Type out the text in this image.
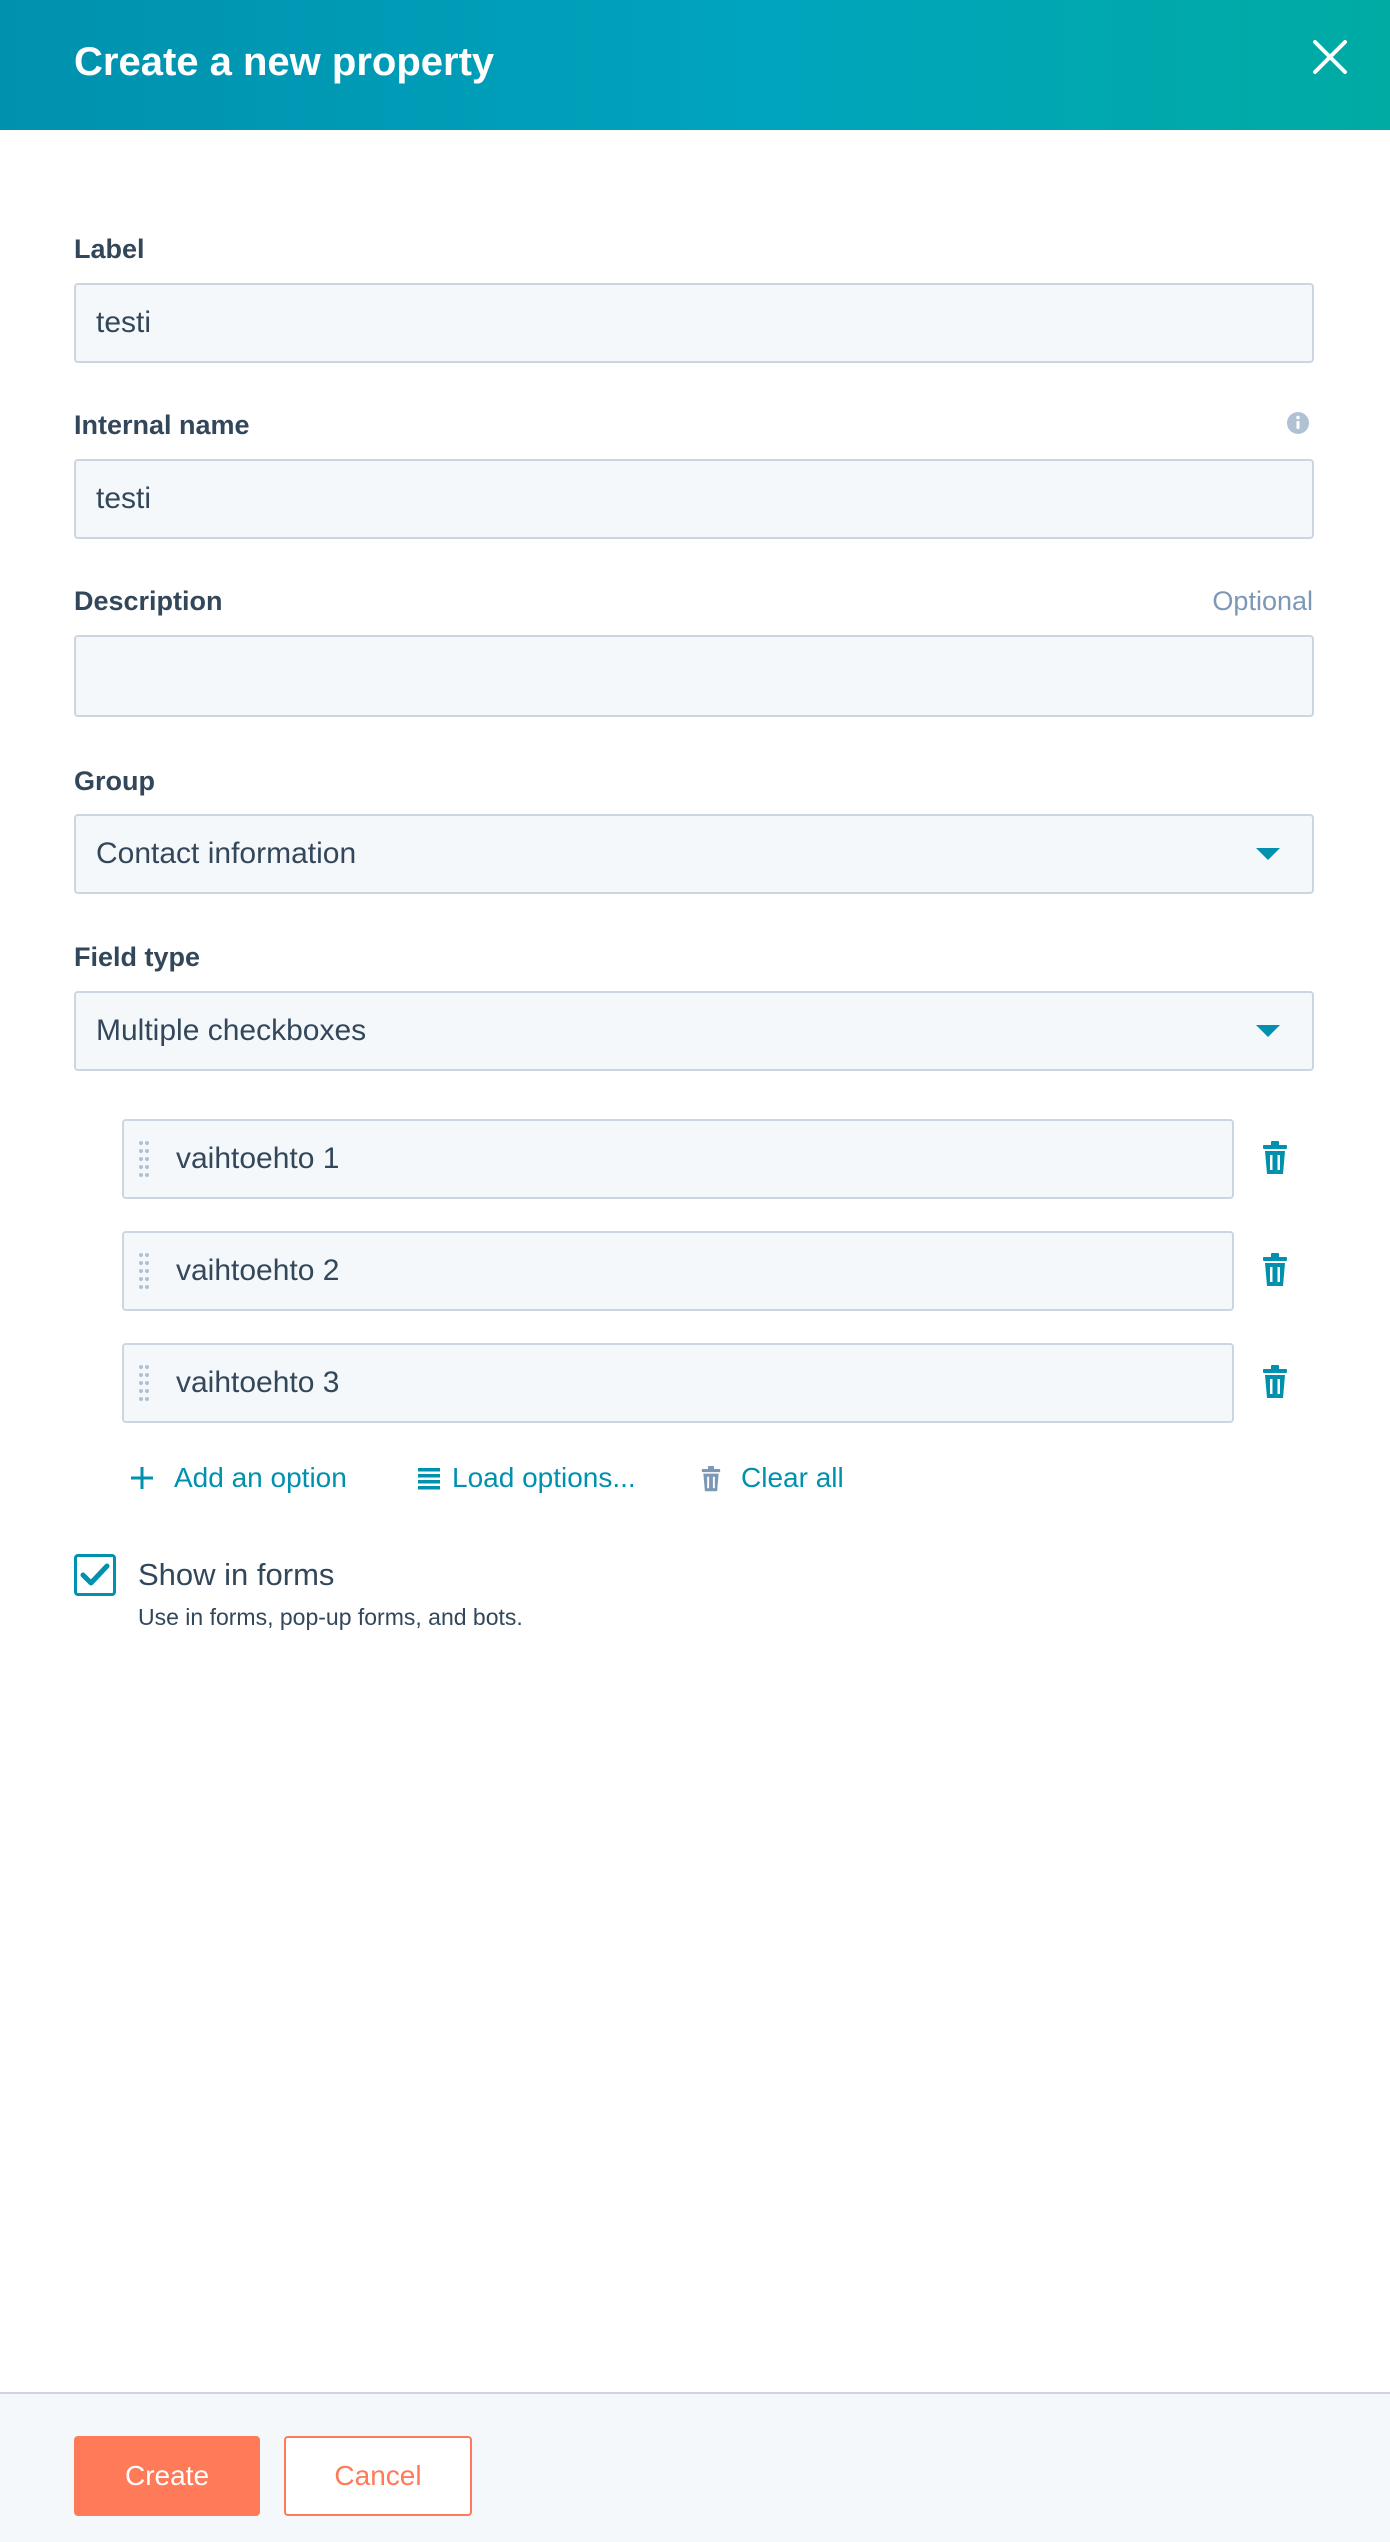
Create a new property
Label
testi
Internal name
testi
Description	Optional
Group
Contact information
Field type
Multiple checkboxes
vaihtoehto 1
vaihtoehto 2
vaihtoehto 3
Add an option	Load options...	Clear all
Show in forms
Use in forms, pop-up forms, and bots.
Create	Cancel
